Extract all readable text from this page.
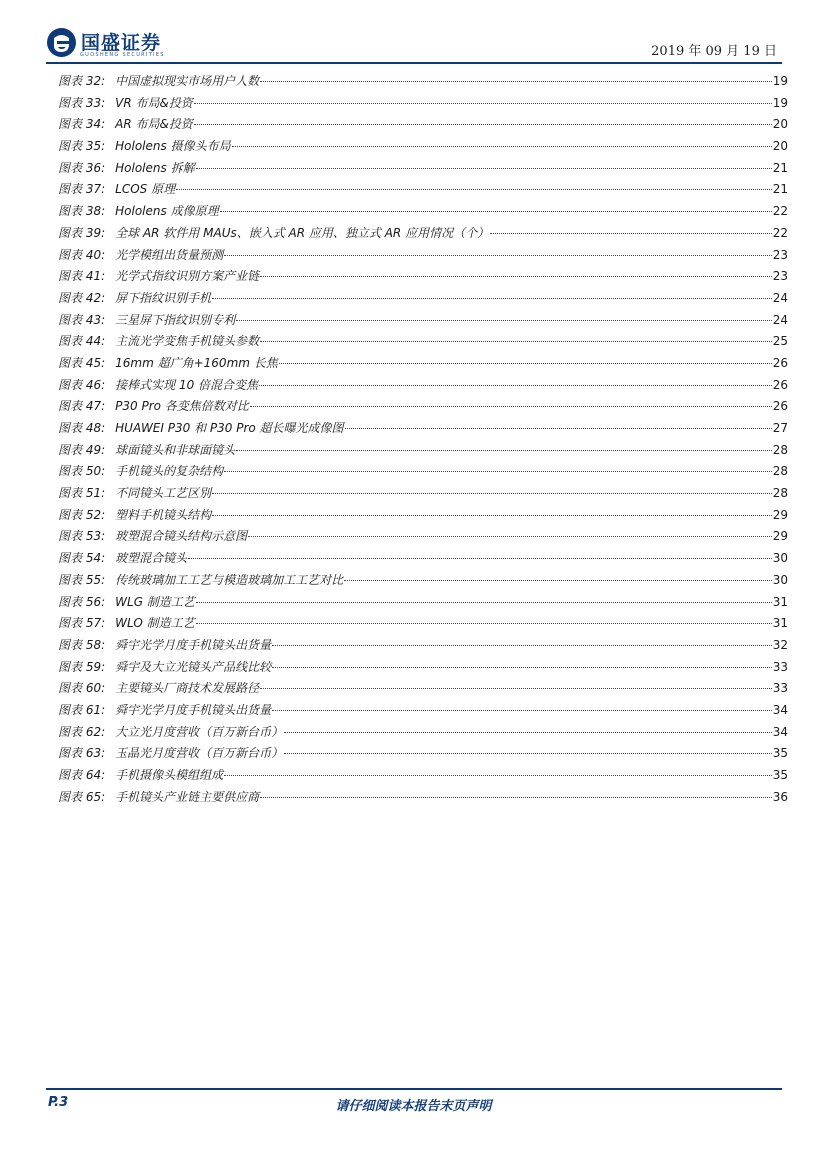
国盛证券
GUOSHENG SECURITIES	2019 年 09 月 19 日
图表 32: 中国虚拟现实市场用户人数	19
图表 33: VR 布局&投资	19
图表 34: AR 布局&投资	20
图表 35: Hololens 摄像头布局	20
图表 36: Hololens 拆解	21
图表 37: LCOS 原理	21
图表 38: Hololens 成像原理	22
图表 39: 全球 AR 软件用 MAUs、嵌入式 AR 应用、独立式 AR 应用情况（个）	22
图表 40: 光学模组出货量预测	23
图表 41: 光学式指纹识别方案产业链	23
图表 42: 屏下指纹识别手机	24
图表 43: 三星屏下指纹识别专利	24
图表 44: 主流光学变焦手机镜头参数	25
图表 45: 16mm 超广角+160mm 长焦	26
图表 46: 接棒式实现 10 倍混合变焦	26
图表 47: P30 Pro 各变焦倍数对比	26
图表 48: HUAWEI P30 和 P30 Pro 超长曝光成像图	27
图表 49: 球面镜头和非球面镜头	28
图表 50: 手机镜头的复杂结构	28
图表 51: 不同镜头工艺区别	28
图表 52: 塑料手机镜头结构	29
图表 53: 玻塑混合镜头结构示意图	29
图表 54: 玻塑混合镜头	30
图表 55: 传统玻璃加工工艺与模造玻璃加工工艺对比	30
图表 56: WLG 制造工艺	31
图表 57: WLO 制造工艺	31
图表 58: 舜宇光学月度手机镜头出货量	32
图表 59: 舜宇及大立光镜头产品线比较	33
图表 60: 主要镜头厂商技术发展路径	33
图表 61: 舜宇光学月度手机镜头出货量	34
图表 62: 大立光月度营收（百万新台币）	34
图表 63: 玉晶光月度营收（百万新台币）	35
图表 64: 手机摄像头模组组成	35
图表 65: 手机镜头产业链主要供应商	36
P.3	请仔细阅读本报告末页声明
